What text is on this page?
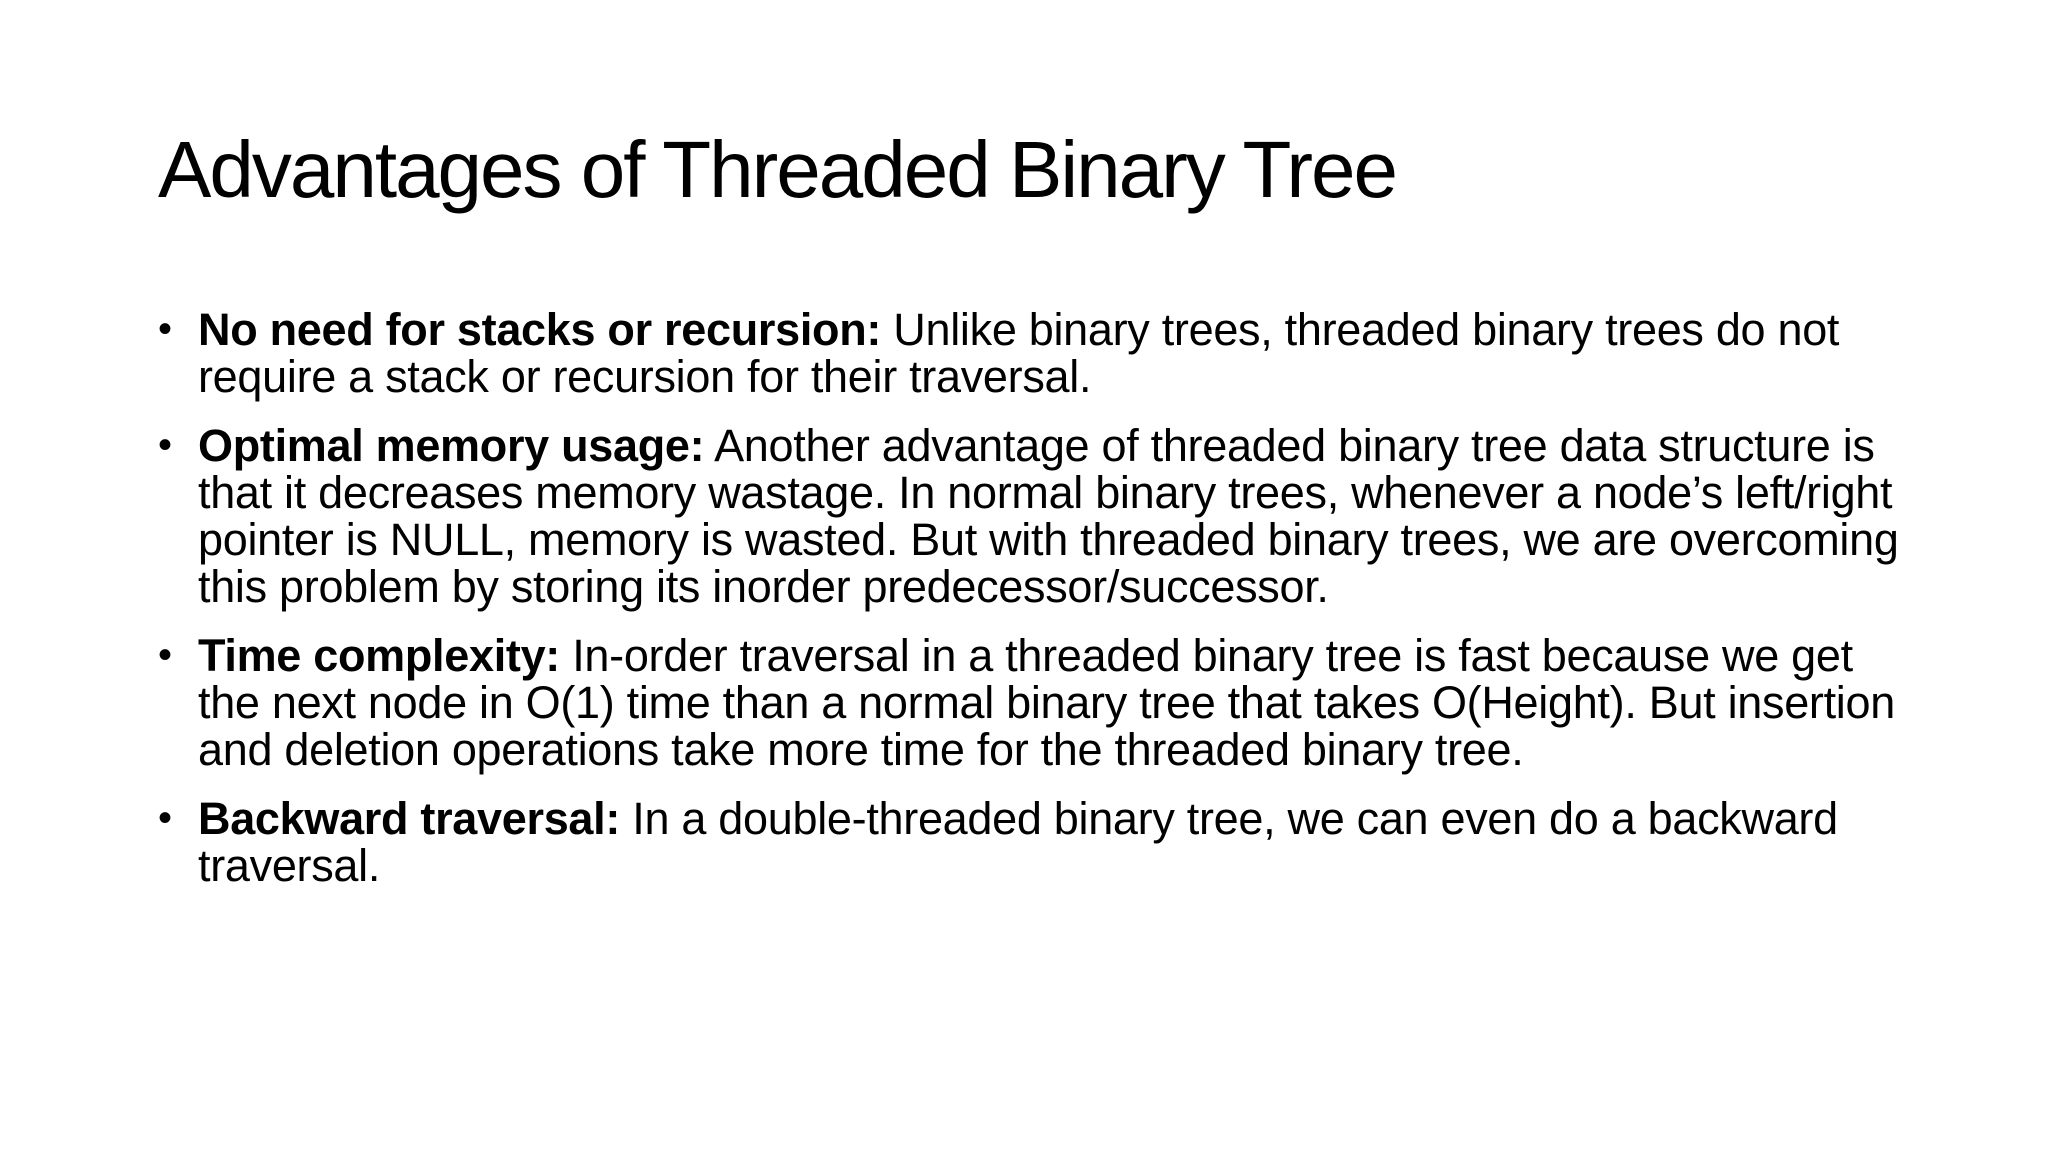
Advantages of Threaded Binary Tree
• No need for stacks or recursion: Unlike binary trees, threaded binary trees do not require a stack or recursion for their traversal.
• Optimal memory usage: Another advantage of threaded binary tree data structure is that it decreases memory wastage. In normal binary trees, whenever a node’s left/right pointer is NULL, memory is wasted. But with threaded binary trees, we are overcoming this problem by storing its inorder predecessor/successor.
• Time complexity: In-order traversal in a threaded binary tree is fast because we get the next node in O(1) time than a normal binary tree that takes O(Height). But insertion and deletion operations take more time for the threaded binary tree.
• Backward traversal: In a double-threaded binary tree, we can even do a backward traversal.
